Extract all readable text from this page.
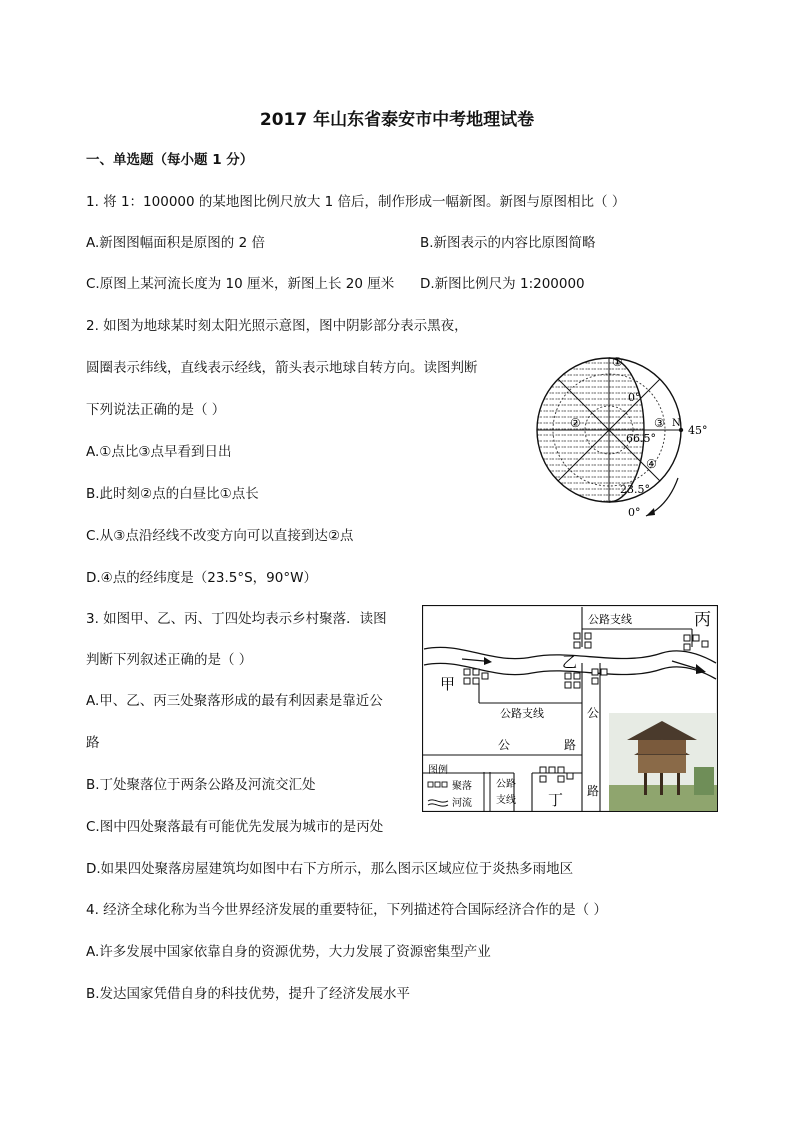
2017 年山东省泰安市中考地理试卷
一、单选题（每小题 1 分）
1. 将 1：100000 的某地图比例尺放大 1 倍后，制作形成一幅新图。新图与原图相比（ ）
A.新图图幅面积是原图的 2 倍	B.新图表示的内容比原图简略
C.原图上某河流长度为 10 厘米，新图上长 20 厘米 D.新图比例尺为 1:200000
2. 如图为地球某时刻太阳光照示意图，图中阴影部分表示黑夜，
圆圈表示纬线，直线表示经线，箭头表示地球自转方向。读图判断
下列说法正确的是（ ）
A.①点比③点早看到日出
B.此时刻②点的白昼比①点长
C.从③点沿经线不改变方向可以直接到达②点
D.④点的经纬度是（23.5°S，90°W）
①
②	③
④
0°
66.5°
23.5°
N
45°
0°
3. 如图甲、乙、丙、丁四处均表示乡村聚落．读图
判断下列叙述正确的是（ ）
A.甲、乙、丙三处聚落形成的最有利因素是靠近公
路
B.丁处聚落位于两条公路及河流交汇处
C.图中四处聚落最有可能优先发展为城市的是丙处
D.如果四处聚落房屋建筑均如图中右下方所示，那么图示区域应位于炎热多雨地区
公路支线
公路支线
丙
乙
甲
丁
公
公	路
路
图例
聚落
河流
公路
支线
4. 经济全球化称为当今世界经济发展的重要特征，下列描述符合国际经济合作的是（ ）
A.许多发展中国家依靠自身的资源优势，大力发展了资源密集型产业
B.发达国家凭借自身的科技优势，提升了经济发展水平
